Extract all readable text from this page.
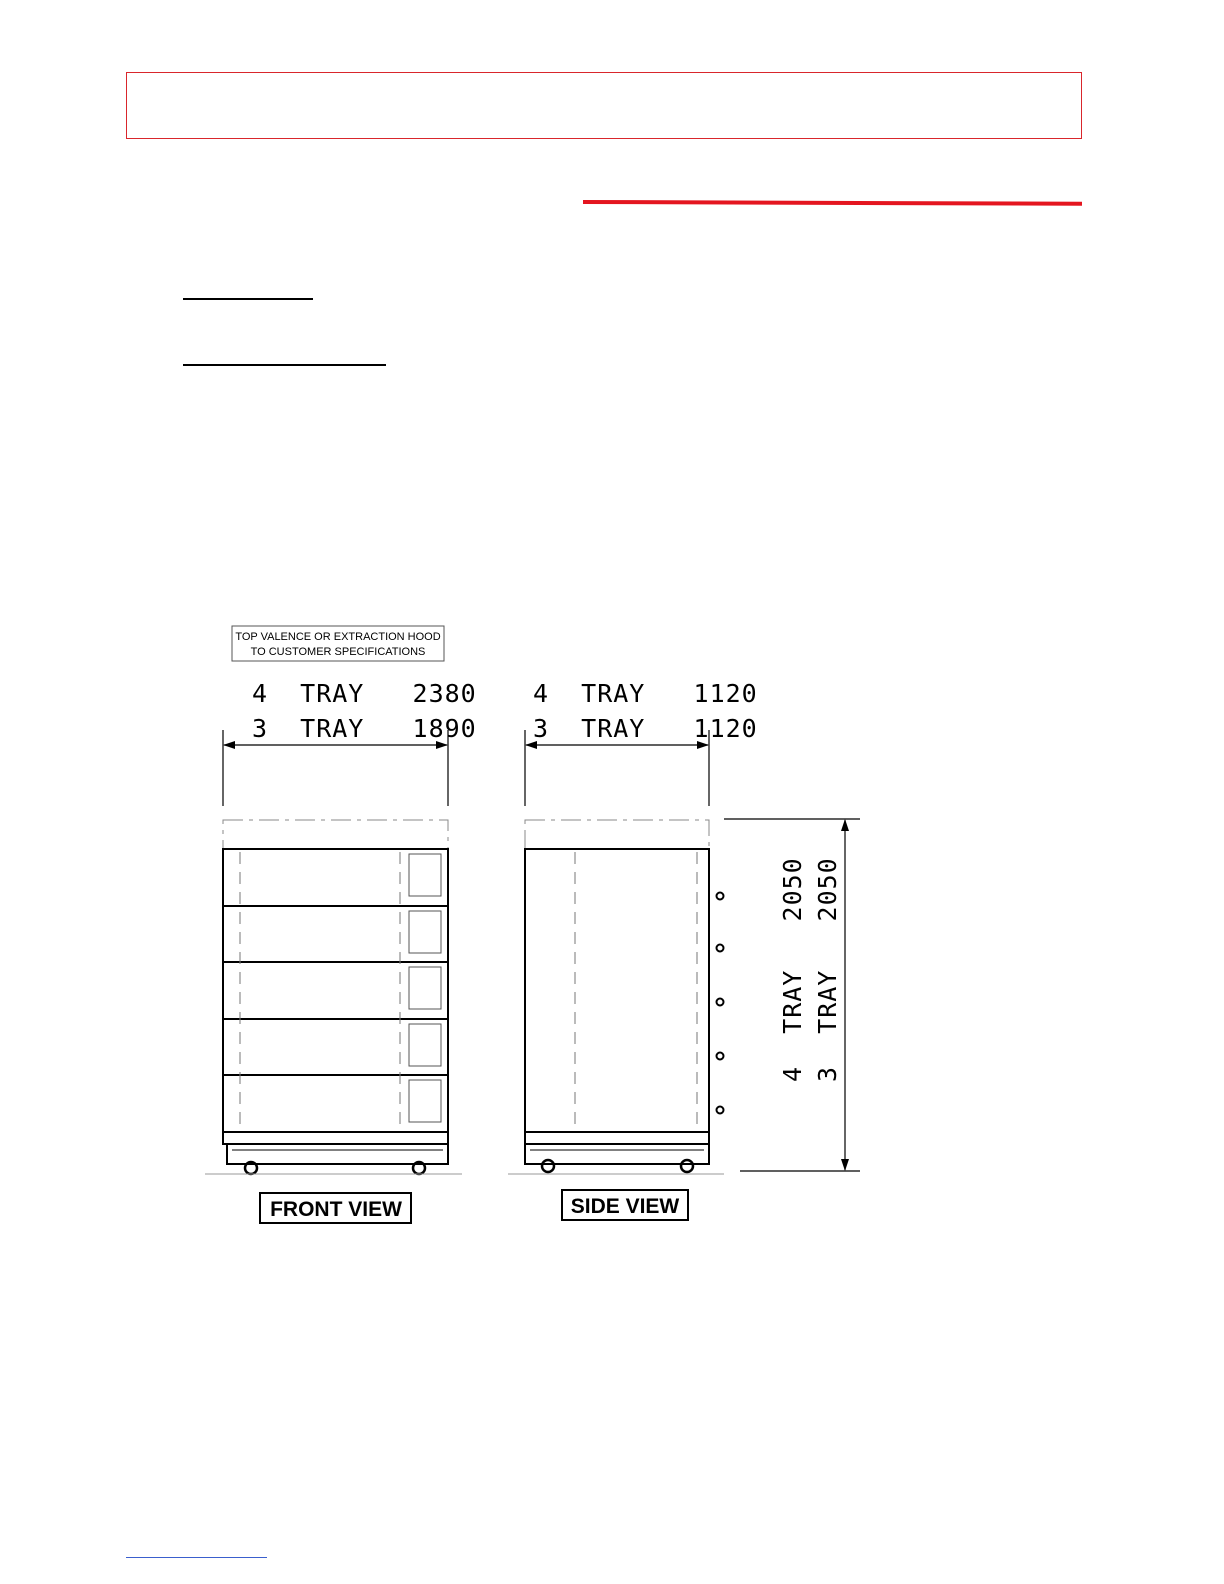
TOP VALENCE OR EXTRACTION HOOD
TO CUSTOMER SPECIFICATIONS
4  TRAY   2380
3  TRAY   1890
4  TRAY   1120
3  TRAY   1120
4  TRAY   2050 3  TRAY   2050
FRONT VIEW	SIDE VIEW
